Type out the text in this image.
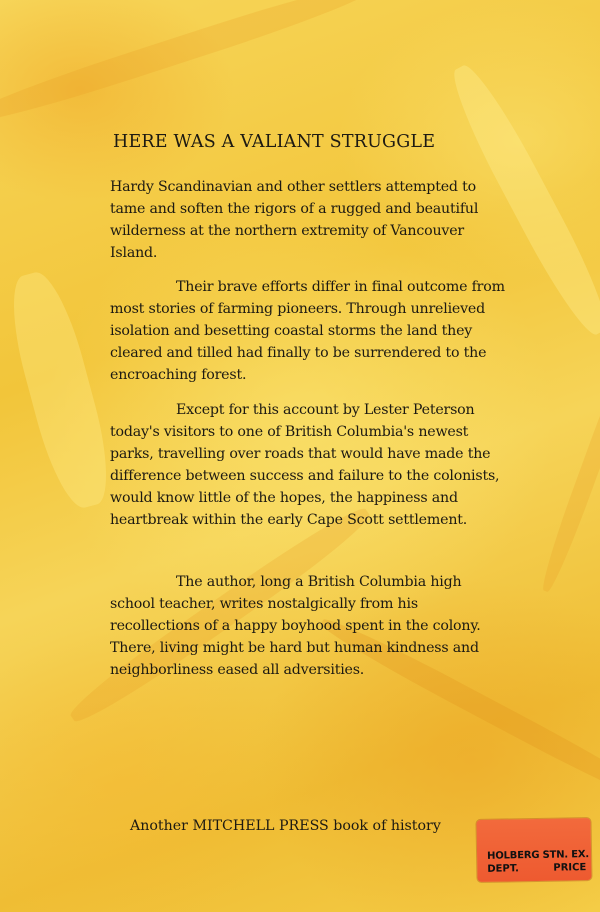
HERE WAS A VALIANT STRUGGLE

Hardy Scandinavian and other settlers attempted to tame and soften the rigors of a rugged and beautiful wilderness at the northern extremity of Vancouver Island.

Their brave efforts differ in final outcome from most stories of farming pioneers. Through unrelieved isolation and besetting coastal storms the land they cleared and tilled had finally to be surrendered to the encroaching forest.

Except for this account by Lester Peterson today's visitors to one of British Columbia's newest parks, travelling over roads that would have made the difference between success and failure to the colonists, would know little of the hopes, the happiness and heartbreak within the early Cape Scott settlement.

The author, long a British Columbia high school teacher, writes nostalgically from his recollections of a happy boyhood spent in the colony. There, living might be hard but human kindness and neighborliness eased all adversities.

Another MITCHELL PRESS book of history
HOLBERG STN. EX.
DEPT.	PRICE
